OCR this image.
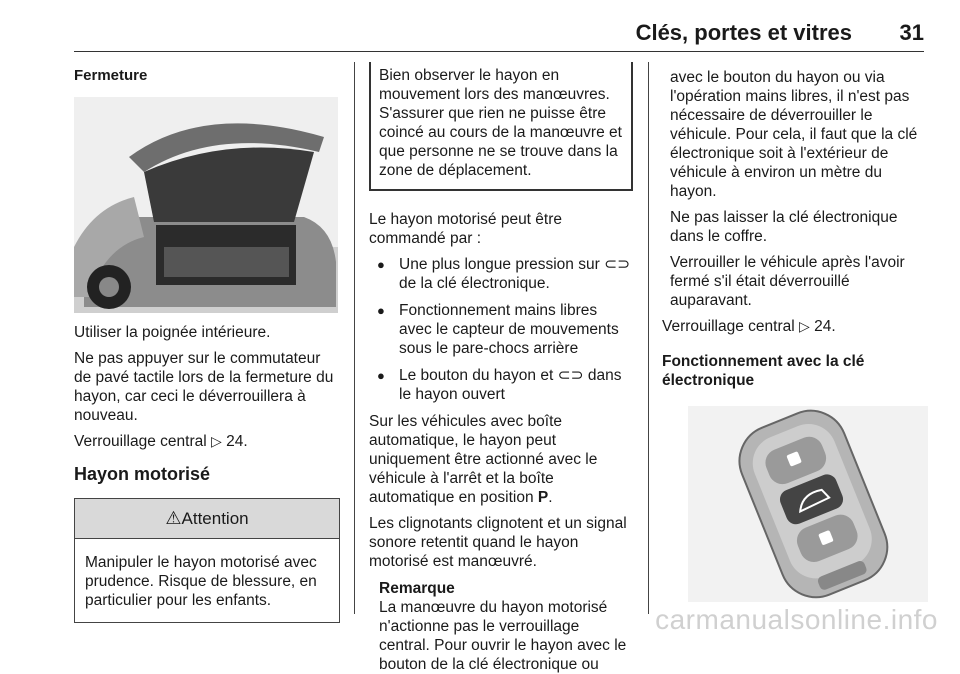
Clés, portes et vitres 31
Fermeture

Utiliser la poignée intérieure.

Ne pas appuyer sur le commutateur de pavé tactile lors de la fermeture du hayon, car ceci le déverrouillera à nouveau.

Verrouillage central ▷ 24.

Hayon motorisé
⚠Attention
Manipuler le hayon motorisé avec prudence. Risque de blessure, en particulier pour les enfants.
Bien observer le hayon en mouvement lors des manœuvres. S'assurer que rien ne puisse être coincé au cours de la manœuvre et que personne ne se trouve dans la zone de déplacement.

Le hayon motorisé peut être commandé par :

● Une plus longue pression sur ⊂⊃ de la clé électronique.
● Fonctionnement mains libres avec le capteur de mouvements sous le pare-chocs arrière
● Le bouton du hayon et ⊂⊃ dans le hayon ouvert

Sur les véhicules avec boîte automatique, le hayon peut uniquement être actionné avec le véhicule à l'arrêt et la boîte automatique en position P.

Les clignotants clignotent et un signal sonore retentit quand le hayon motorisé est manœuvré.

Remarque
La manœuvre du hayon motorisé n'actionne pas le verrouillage central. Pour ouvrir le hayon avec le bouton de la clé électronique ou

avec le bouton du hayon ou via l'opération mains libres, il n'est pas nécessaire de déverrouiller le véhicule. Pour cela, il faut que la clé électronique soit à l'extérieur de véhicule à environ un mètre du hayon.

Ne pas laisser la clé électronique dans le coffre.

Verrouiller le véhicule après l'avoir fermé s'il était déverrouillé auparavant.

Verrouillage central ▷ 24.

Fonctionnement avec la clé électronique
carmanualsonline.info
